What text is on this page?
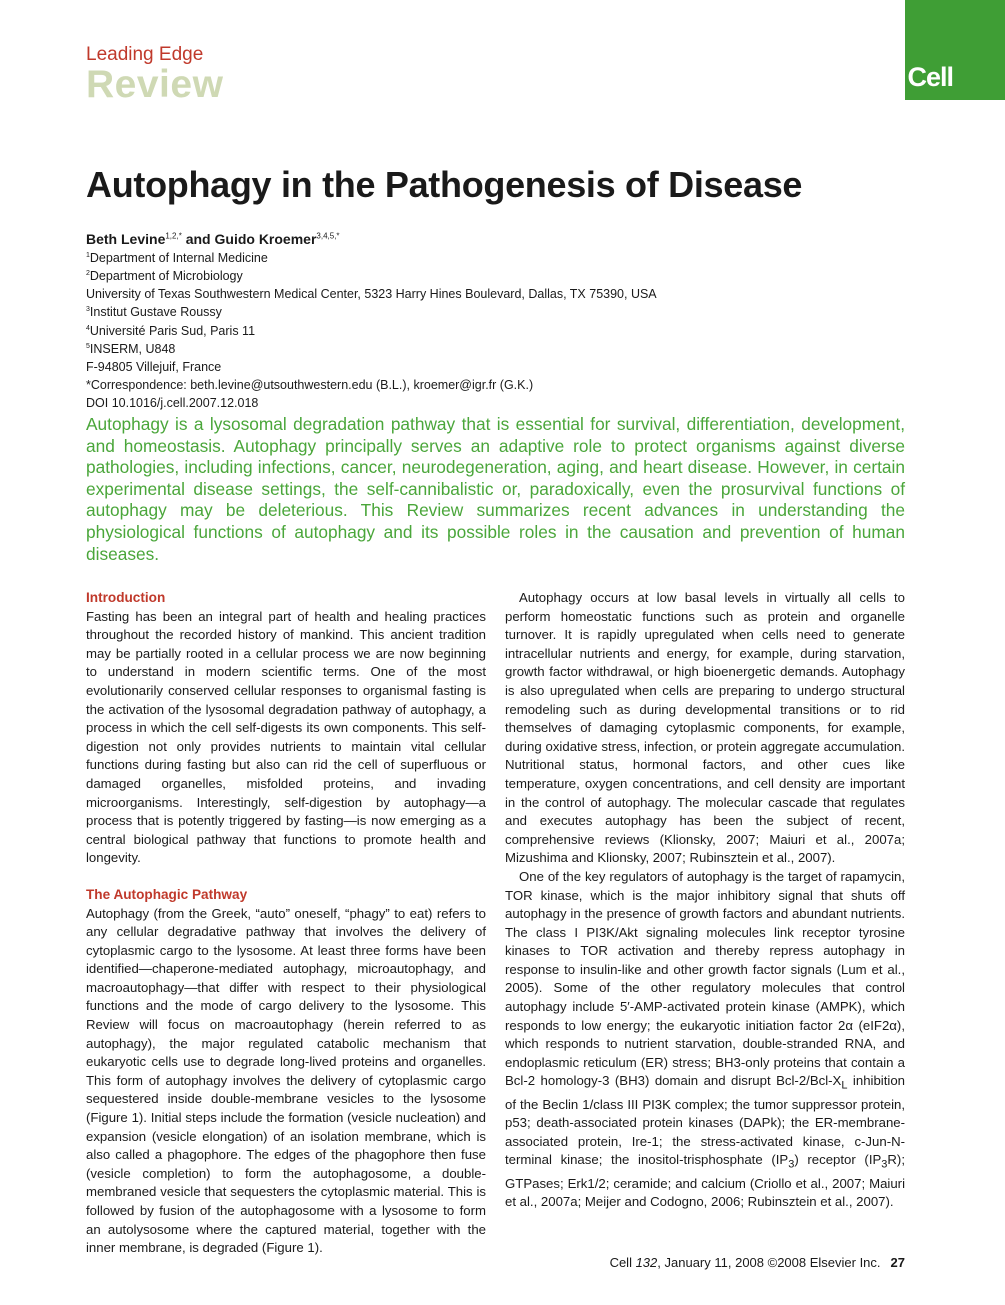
Cell
Leading Edge
Review
Autophagy in the Pathogenesis of Disease
Beth Levine$^{1,2,*}$ and Guido Kroemer$^{3,4,5,*}$
$^1$Department of Internal Medicine
$^2$Department of Microbiology
University of Texas Southwestern Medical Center, 5323 Harry Hines Boulevard, Dallas, TX 75390, USA
$^3$Institut Gustave Roussy
$^4$Université Paris Sud, Paris 11
$^5$INSERM, U848
F-94805 Villejuif, France
*Correspondence: beth.levine@utsouthwestern.edu (B.L.), kroemer@igr.fr (G.K.)
DOI 10.1016/j.cell.2007.12.018

Autophagy is a lysosomal degradation pathway that is essential for survival, differentiation, development, and homeostasis. Autophagy principally serves an adaptive role to protect organisms against diverse pathologies, including infections, cancer, neurodegeneration, aging, and heart disease. However, in certain experimental disease settings, the self-cannibalistic or, paradoxically, even the prosurvival functions of autophagy may be deleterious. This Review summarizes recent advances in understanding the physiological functions of autophagy and its possible roles in the causation and prevention of human diseases.

Introduction

Fasting has been an integral part of health and healing practices throughout the recorded history of mankind. This ancient tradition may be partially rooted in a cellular process we are now beginning to understand in modern scientific terms. One of the most evolutionarily conserved cellular responses to organismal fasting is the activation of the lysosomal degradation pathway of autophagy, a process in which the cell self-digests its own components. This self-digestion not only provides nutrients to maintain vital cellular functions during fasting but also can rid the cell of superfluous or damaged organelles, misfolded proteins, and invading microorganisms. Interestingly, self-digestion by autophagy—a process that is potently triggered by fasting—is now emerging as a central biological pathway that functions to promote health and longevity.

The Autophagic Pathway

Autophagy (from the Greek, “auto” oneself, “phagy” to eat) refers to any cellular degradative pathway that involves the delivery of cytoplasmic cargo to the lysosome. At least three forms have been identified—chaperone-mediated autophagy, microautophagy, and macroautophagy—that differ with respect to their physiological functions and the mode of cargo delivery to the lysosome. This Review will focus on macroautophagy (herein referred to as autophagy), the major regulated catabolic mechanism that eukaryotic cells use to degrade long-lived proteins and organelles. This form of autophagy involves the delivery of cytoplasmic cargo sequestered inside double-membrane vesicles to the lysosome (Figure 1). Initial steps include the formation (vesicle nucleation) and expansion (vesicle elongation) of an isolation membrane, which is also called a phagophore. The edges of the phagophore then fuse (vesicle completion) to form the autophagosome, a double-membraned vesicle that sequesters the cytoplasmic material. This is followed by fusion of the autophagosome with a lysosome to form an autolysosome where the captured material, together with the inner membrane, is degraded (Figure 1).

Autophagy occurs at low basal levels in virtually all cells to perform homeostatic functions such as protein and organelle turnover. It is rapidly upregulated when cells need to generate intracellular nutrients and energy, for example, during starvation, growth factor withdrawal, or high bioenergetic demands. Autophagy is also upregulated when cells are preparing to undergo structural remodeling such as during developmental transitions or to rid themselves of damaging cytoplasmic components, for example, during oxidative stress, infection, or protein aggregate accumulation. Nutritional status, hormonal factors, and other cues like temperature, oxygen concentrations, and cell density are important in the control of autophagy. The molecular cascade that regulates and executes autophagy has been the subject of recent, comprehensive reviews (Klionsky, 2007; Maiuri et al., 2007a; Mizushima and Klionsky, 2007; Rubinsztein et al., 2007).

One of the key regulators of autophagy is the target of rapamycin, TOR kinase, which is the major inhibitory signal that shuts off autophagy in the presence of growth factors and abundant nutrients. The class I PI3K/Akt signaling molecules link receptor tyrosine kinases to TOR activation and thereby repress autophagy in response to insulin-like and other growth factor signals (Lum et al., 2005). Some of the other regulatory molecules that control autophagy include 5′-AMP-activated protein kinase (AMPK), which responds to low energy; the eukaryotic initiation factor 2α (eIF2α), which responds to nutrient starvation, double-stranded RNA, and endoplasmic reticulum (ER) stress; BH3-only proteins that contain a Bcl-2 homology-3 (BH3) domain and disrupt Bcl-$2/Bcl-X_L$ inhibition of the Beclin 1/class III PI3K complex; the tumor suppressor protein, p53; death-associated protein kinases (DAPk); the ER-membrane-associated protein, Ire-1; the stress-activated kinase, c-Jun-N-terminal kinase; the inositol-trisphosphate $(IP_3)$ receptor $(IP_3R)$; GTPases; Erk1/2; ceramide; and calcium (Criollo et al., 2007; Maiuri et al., 2007a; Meijer and Codogno, 2006; Rubinsztein et al., 2007).

Cell 132, January 11, 2008 ©2008 Elsevier Inc. 27
